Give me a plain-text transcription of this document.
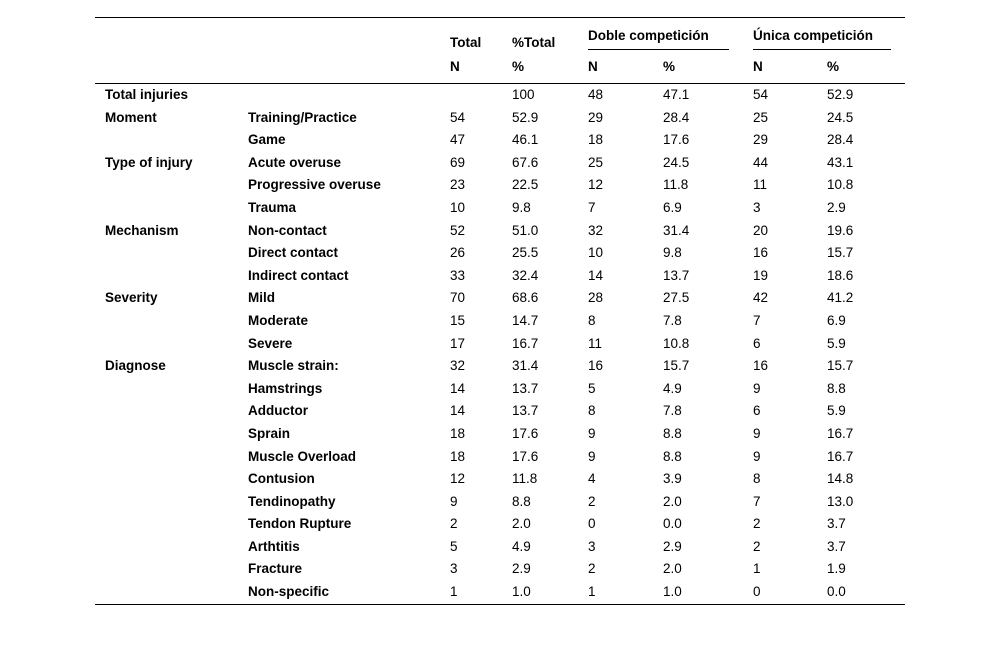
		Total	%Total	Doble competición		Única competición	
		N	%	N	%	N	%
Total injuries			100	48	47.1	54	52.9
Moment	Training/Practice	54	52.9	29	28.4	25	24.5
	Game	47	46.1	18	17.6	29	28.4
Type of injury	Acute overuse	69	67.6	25	24.5	44	43.1
	Progressive overuse	23	22.5	12	11.8	11	10.8
	Trauma	10	9.8	7	6.9	3	2.9
Mechanism	Non-contact	52	51.0	32	31.4	20	19.6
	Direct contact	26	25.5	10	9.8	16	15.7
	Indirect contact	33	32.4	14	13.7	19	18.6
Severity	Mild	70	68.6	28	27.5	42	41.2
	Moderate	15	14.7	8	7.8	7	6.9
	Severe	17	16.7	11	10.8	6	5.9
Diagnose	Muscle strain:	32	31.4	16	15.7	16	15.7
	Hamstrings	14	13.7	5	4.9	9	8.8
	Adductor	14	13.7	8	7.8	6	5.9
	Sprain	18	17.6	9	8.8	9	16.7
	Muscle Overload	18	17.6	9	8.8	9	16.7
	Contusion	12	11.8	4	3.9	8	14.8
	Tendinopathy	9	8.8	2	2.0	7	13.0
	Tendon Rupture	2	2.0	0	0.0	2	3.7
	Arthtitis	5	4.9	3	2.9	2	3.7
	Fracture	3	2.9	2	2.0	1	1.9
	Non-specific	1	1.0	1	1.0	0	0.0
